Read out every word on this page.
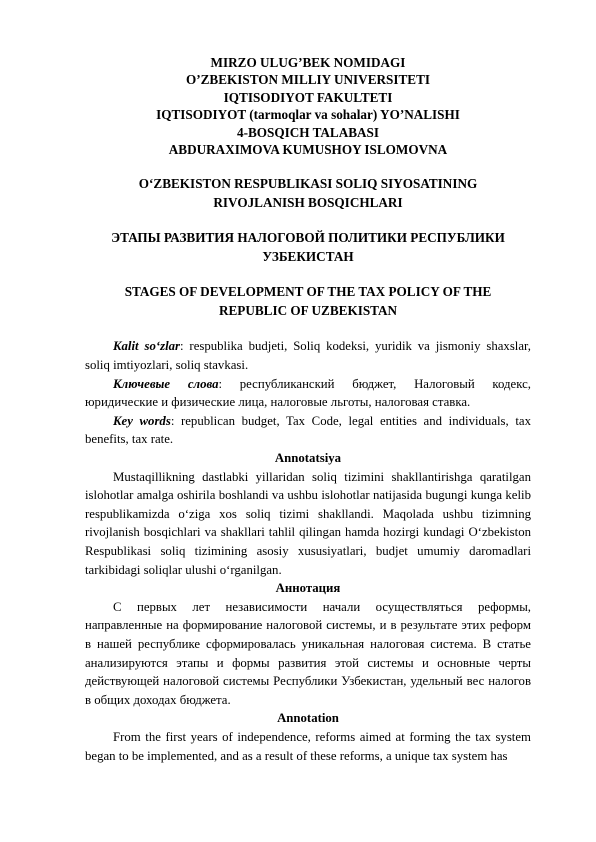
MIRZO ULUG’BEK NOMIDAGI

O’ZBEKISTON MILLIY UNIVERSITETI

IQTISODIYOT FAKULTETI

IQTISODIYOT (tarmoqlar va sohalar) YO’NALISHI

4-BOSQICH TALABASI

ABDURAXIMOVA KUMUSHOY ISLOMOVNA

O‘ZBEKISTON RESPUBLIKASI SOLIQ SIYOSATINING RIVOJLANISH BOSQICHLARI

ЭТАПЫ РАЗВИТИЯ НАЛОГОВОЙ ПОЛИТИКИ РЕСПУБЛИКИ УЗБЕКИСТАН

STAGES OF DEVELOPMENT OF THE TAX POLICY OF THE REPUBLIC OF UZBEKISTAN

Kalit so‘zlar: respublika budjeti, Soliq kodeksi, yuridik va jismoniy shaxslar, soliq imtiyozlari, soliq stavkasi.

Ключевые слова: республиканский бюджет, Налоговый кодекс, юридические и физические лица, налоговые льготы, налоговая ставка.

Key words: republican budget, Tax Code, legal entities and individuals, tax benefits, tax rate.

Annotatsiya

Mustaqillikning dastlabki yillaridan soliq tizimini shakllantirishga qaratilgan islohotlar amalga oshirila boshlandi va ushbu islohotlar natijasida bugungi kunga kelib respublikamizda o‘ziga xos soliq tizimi shakllandi. Maqolada ushbu tizimning rivojlanish bosqichlari va shakllari tahlil qilingan hamda hozirgi kundagi O‘zbekiston Respublikasi soliq tizimining asosiy xususiyatlari, budjet umumiy daromadlari tarkibidagi soliqlar ulushi o‘rganilgan.

Аннотация

С первых лет независимости начали осуществляться реформы, направленные на формирование налоговой системы, и в результате этих реформ в нашей республике сформировалась уникальная налоговая система. В статье анализируются этапы и формы развития этой системы и основные черты действующей налоговой системы Республики Узбекистан, удельный вес налогов в общих доходах бюджета.

Annotation

From the first years of independence, reforms aimed at forming the tax system began to be implemented, and as a result of these reforms, a unique tax system has
